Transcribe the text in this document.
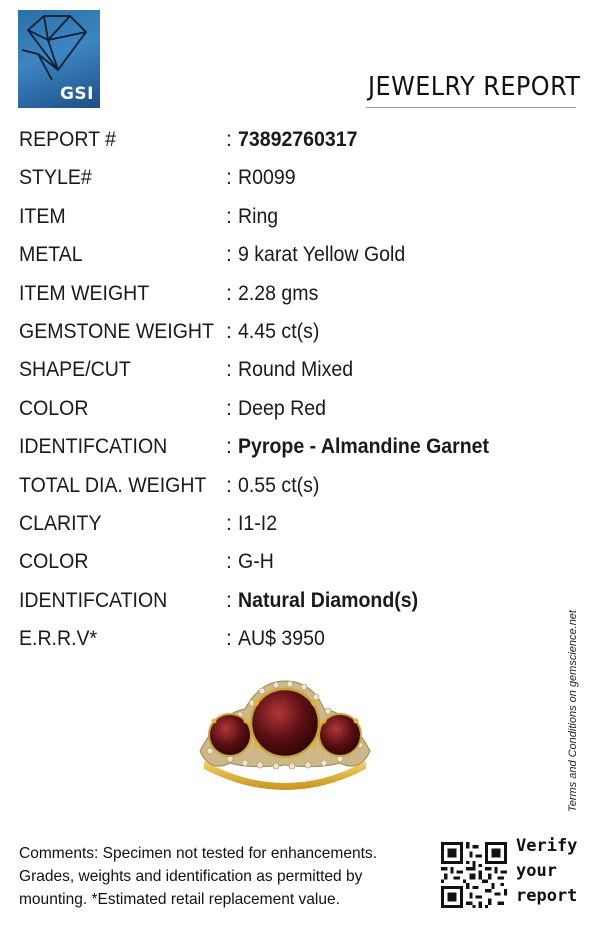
GSI	JEWELRY REPORT
REPORT #	: 73892760317
STYLE#	: R0099
ITEM	: Ring
METAL	: 9 karat Yellow Gold
ITEM WEIGHT	: 2.28 gms
GEMSTONE WEIGHT : 4.45 ct(s)
SHAPE/CUT	: Round Mixed
COLOR	: Deep Red
IDENTIFCATION	: Pyrope - Almandine Garnet
TOTAL DIA. WEIGHT : 0.55 ct(s)
CLARITY	: I1-I2
COLOR	: G-H
IDENTIFCATION	: Natural Diamond(s)
E.R.R.V*	: AU$ 3950	Terms and Conditions on gemscience.net
Comments: Specimen not tested for enhancements.
Grades, weights and identification as permitted by
mounting. *Estimated retail replacement value.
Verify
your
report
